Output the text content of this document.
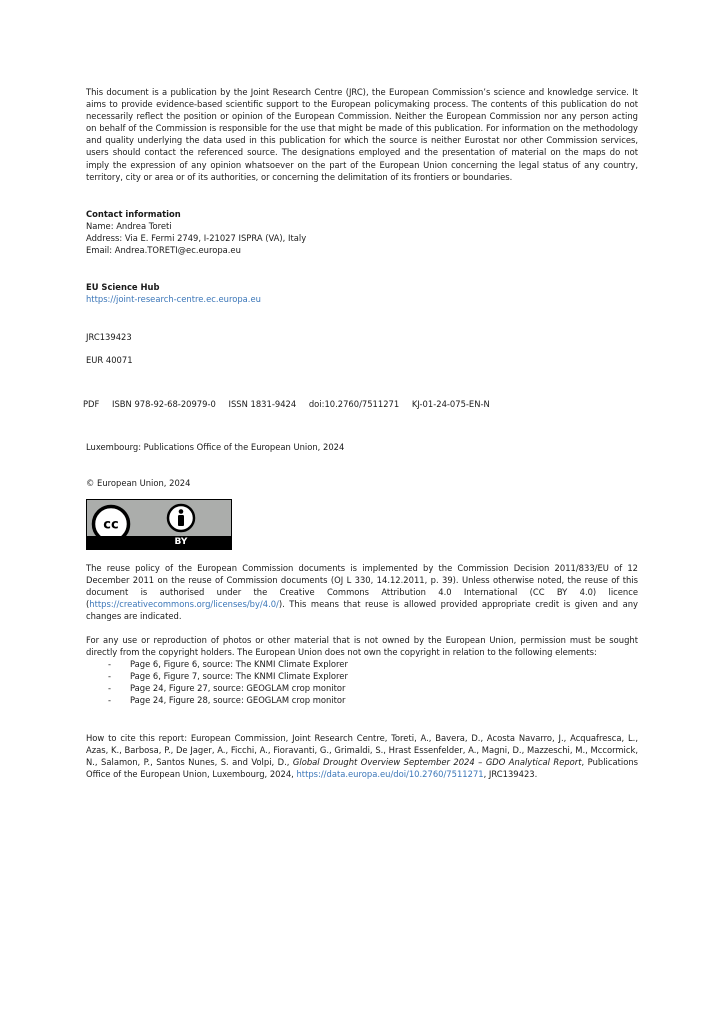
This document is a publication by the Joint Research Centre (JRC), the European Commission’s science and knowledge service. It aims to provide evidence-based scientific support to the European policymaking process. The contents of this publication do not necessarily reflect the position or opinion of the European Commission. Neither the European Commission nor any person acting on behalf of the Commission is responsible for the use that might be made of this publication. For information on the methodology and quality underlying the data used in this publication for which the source is neither Eurostat nor other Commission services, users should contact the referenced source. The designations employed and the presentation of material on the maps do not imply the expression of any opinion whatsoever on the part of the European Union concerning the legal status of any country, territory, city or area or of its authorities, or concerning the delimitation of its frontiers or boundaries.

Contact information

Name: Andrea Toreti

Address: Via E. Fermi 2749, I-21027 ISPRA (VA), Italy

Email: Andrea.TORETI@ec.europa.eu

EU Science Hub

https://joint-research-centre.ec.europa.eu

JRC139423

EUR 40071

PDF ISBN 978-92-68-20979-0 ISSN 1831-9424 doi:10.2760/7511271 KJ-01-24-075-EN-N

Luxembourg: Publications Office of the European Union, 2024

© European Union, 2024

cc
BY

The reuse policy of the European Commission documents is implemented by the Commission Decision 2011/833/EU of 12 December 2011 on the reuse of Commission documents (OJ L 330, 14.12.2011, p. 39). Unless otherwise noted, the reuse of this document is authorised under the Creative Commons Attribution 4.0 International (CC BY 4.0) licence (https://creativecommons.org/licenses/by/4.0/). This means that reuse is allowed provided appropriate credit is given and any changes are indicated.

For any use or reproduction of photos or other material that is not owned by the European Union, permission must be sought directly from the copyright holders. The European Union does not own the copyright in relation to the following elements:

- Page 6, Figure 6, source: The KNMI Climate Explorer
- Page 6, Figure 7, source: The KNMI Climate Explorer
- Page 24, Figure 27, source: GEOGLAM crop monitor
- Page 24, Figure 28, source: GEOGLAM crop monitor

How to cite this report: European Commission, Joint Research Centre, Toreti, A., Bavera, D., Acosta Navarro, J., Acquafresca, L., Azas, K., Barbosa, P., De Jager, A., Ficchi, A., Fioravanti, G., Grimaldi, S., Hrast Essenfelder, A., Magni, D., Mazzeschi, M., Mccormick, N., Salamon, P., Santos Nunes, S. and Volpi, D., Global Drought Overview September 2024 – GDO Analytical Report, Publications Office of the European Union, Luxembourg, 2024, https://data.europa.eu/doi/10.2760/7511271, JRC139423.
